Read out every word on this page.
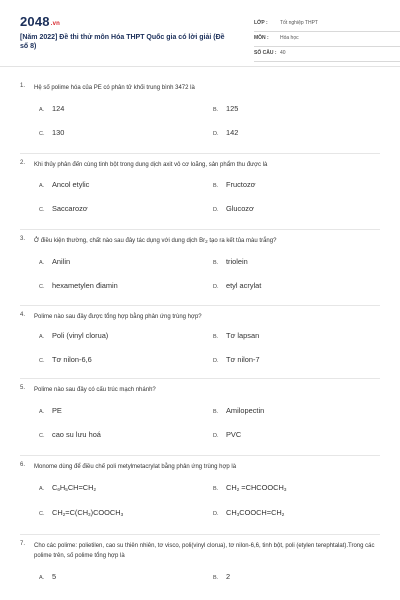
2048.vn
[Năm 2022] Đề thi thử môn Hóa THPT Quốc gia có lời giải (Đề số 8)
LỚP : Tốt nghiệp THPT
MÔN : Hóa học
SỐ CÂU : 40
1. Hệ số polime hóa của PE có phân tử khối trung bình 3472 là
A. 124	B. 125
C. 130	D. 142
2. Khi thủy phân đến cùng tinh bột trong dung dịch axit vô cơ loãng, sản phẩm thu được là
A. Ancol etylic	B. Fructozơ
C. Saccarozơ	D. Glucozơ
3. Ở điều kiện thường, chất nào sau đây tác dụng với dung dịch $Br_2$ tạo ra kết tủa màu trắng?
A. Anilin	B. triolein
C. hexametylen điamin	D. etyl acrylat
4. Polime nào sau đây được tổng hợp bằng phản ứng trùng hợp?
A. Poli (vinyl clorua)	B. Tơ lapsan
C. Tơ nilon-6,6	D. Tơ nilon-7
5. Polime nào sau đây có cấu trúc mạch nhánh?
A. PE	B. Amilopectin
C. cao su lưu hoá	D. PVC
6. Monome dùng để điều chế poli metylmetacrylat bằng phản ứng trùng hợp là
A. $C_6H_5CH=CH_2$	B. $CH_2$ $=CHCOOCH_3$
C. $CH_2=C(CH_3)COOCH_3$	D. $CH_3COOCH=CH_2$
7. Cho các polime: polietilen, cao su thiên nhiên, tơ visco, poli(vinyl clorua), tơ nilon-6,6, tinh bột, poli (etylen terephtalat).Trong các polime trên, số polime tổng hợp là
A. 5	B. 2
